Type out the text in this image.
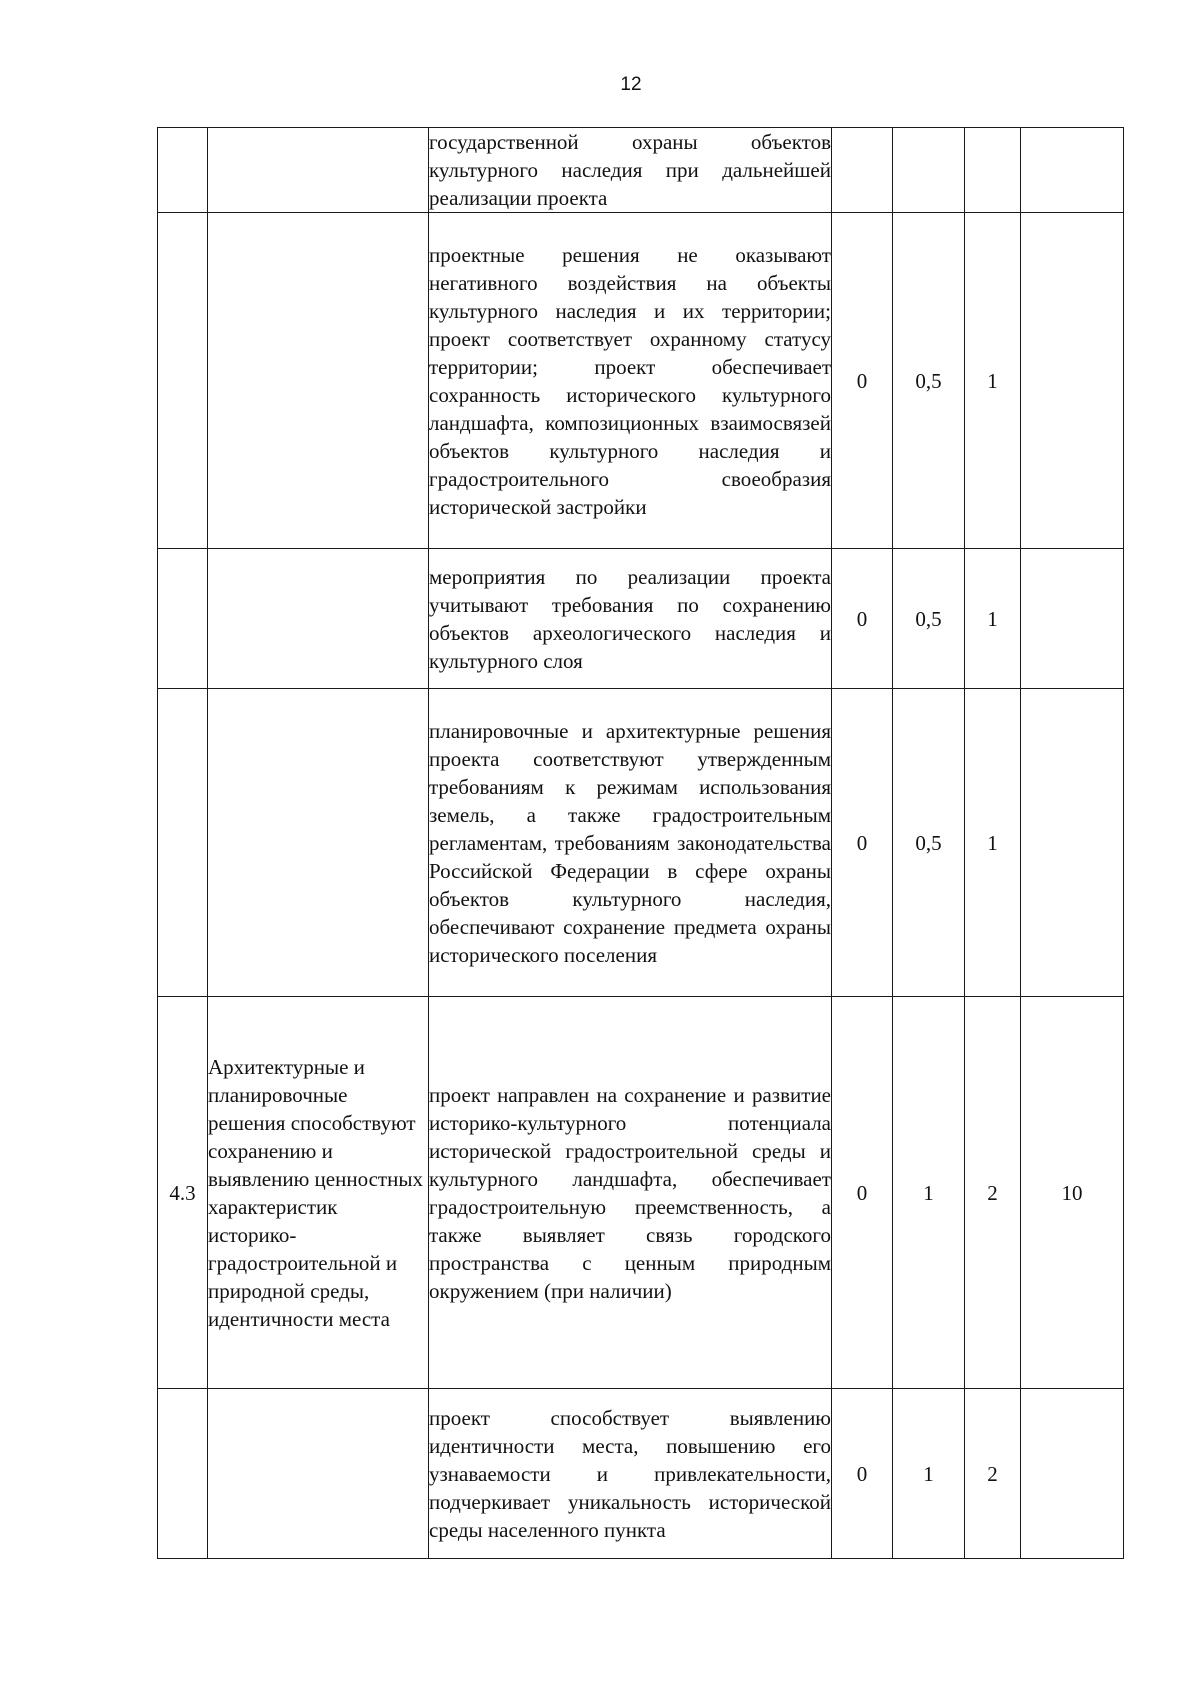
12
		государственной охраны объектов культурного наследия при дальнейшей реализации проекта				
		проектные решения не оказывают негативного воздействия на объекты культурного наследия и их территории; проект соответствует охранному статусу территории; проект обеспечивает сохранность исторического культурного ландшафта, композиционных взаимосвязей объектов культурного наследия и градостроительного своеобразия исторической застройки	0	0,5	1	
		мероприятия по реализации проекта учитывают требования по сохранению объектов археологического наследия и культурного слоя	0	0,5	1	
		планировочные и архитектурные решения проекта соответствуют утвержденным требованиям к режимам использования земель, а также градостроительным регламентам, требованиям законодательства Российской Федерации в сфере охраны объектов культурного наследия, обеспечивают сохранение предмета охраны исторического поселения	0	0,5	1	
4.3	Архитектурные и планировочные решения способствуют сохранению и выявлению ценностных характеристик историко-градостроительной и природной среды, идентичности места	проект направлен на сохранение и развитие историко-культурного потенциала исторической градостроительной среды и культурного ландшафта, обеспечивает градостроительную преемственность, а также выявляет связь городского пространства с ценным природным окружением (при наличии)	0	1	2	10
		проект способствует выявлению идентичности места, повышению его узнаваемости и привлекательности, подчеркивает уникальность исторической среды населенного пункта	0	1	2	
